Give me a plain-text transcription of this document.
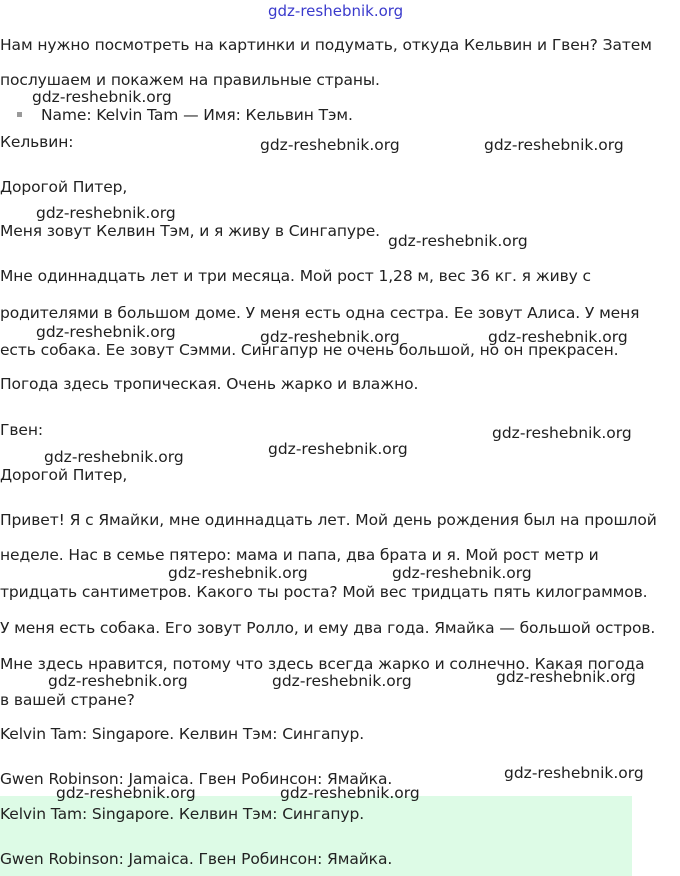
gdz-reshebnik.org
Нам нужно посмотреть на картинки и подумать, откуда Кельвин и Гвен? Затем
послушаем и покажем на правильные страны.
Name: Kelvin Tam — Имя: Кельвин Тэм.
Кельвин:
Дорогой Питер,
Меня зовут Келвин Тэм, и я живу в Сингапуре.
Мне одиннадцать лет и три месяца. Мой рост 1,28 м, вес 36 кг. я живу с
родителями в большом доме. У меня есть одна сестра. Ее зовут Алиса. У меня
есть собака. Ее зовут Сэмми. Сингапур не очень большой, но он прекрасен.
Погода здесь тропическая. Очень жарко и влажно.
Гвен:
Дорогой Питер,
Привет! Я с Ямайки, мне одиннадцать лет. Мой день рождения был на прошлой
неделе. Нас в семье пятеро: мама и папа, два брата и я. Мой рост метр и
тридцать сантиметров. Какого ты роста? Мой вес тридцать пять килограммов.
У меня есть собака. Его зовут Ролло, и ему два года. Ямайка — большой остров.
Мне здесь нравится, потому что здесь всегда жарко и солнечно. Какая погода
в вашей стране?
Kelvin Tam: Singapore. Келвин Тэм: Сингапур.
Gwen Robinson: Jamaica. Гвен Робинсон: Ямайка.
Kelvin Tam: Singapore. Келвин Тэм: Сингапур.
Gwen Robinson: Jamaica. Гвен Робинсон: Ямайка.
gdz-reshebnik.org
gdz-reshebnik.org	gdz-reshebnik.org
gdz-reshebnik.org
gdz-reshebnik.org
gdz-reshebnik.org	gdz-reshebnik.org	gdz-reshebnik.org
gdz-reshebnik.org
gdz-reshebnik.org
gdz-reshebnik.org
gdz-reshebnik.org	gdz-reshebnik.org
gdz-reshebnik.org
gdz-reshebnik.org	gdz-reshebnik.org
gdz-reshebnik.org
gdz-reshebnik.org	gdz-reshebnik.org
